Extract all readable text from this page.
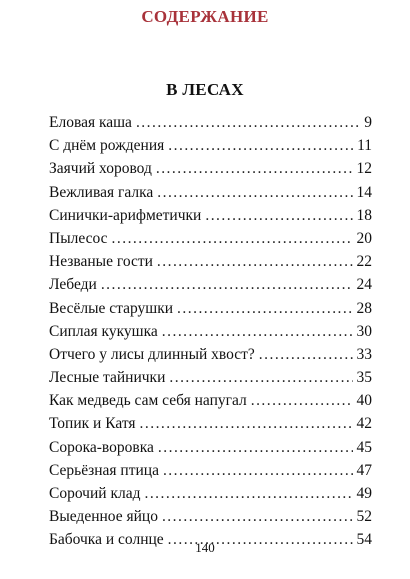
СОДЕРЖАНИЕ
В ЛЕСАХ
Еловая каша . . .	9
С днём рождения . . .	11
Заячий хоровод . . .	12
Вежливая галка . . .	14
Синички-арифметички . . .	18
Пылесос . . .	20
Незваные гости . . .	22
Лебеди . . .	24
Весёлые старушки . . .	28
Сиплая кукушка . . .	30
Отчего у лисы длинный хвост? . . .	33
Лесные тайнички . . .	35
Как медведь сам себя напугал . . .	40
Топик и Катя . . .	42
Сорока-воровка . . .	45
Серьёзная птица . . .	47
Сорочий клад . . .	49
Выеденное яйцо . . .	52
Бабочка и солнце . . .	54

140
